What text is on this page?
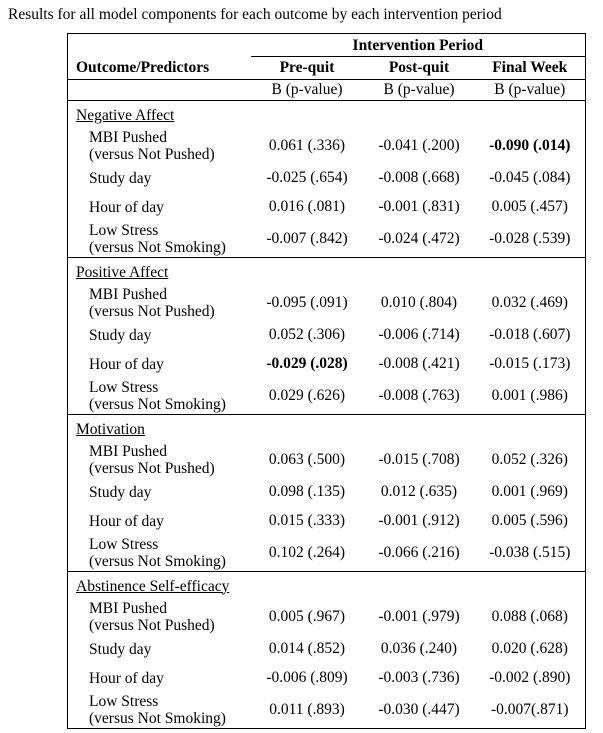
Results for all model components for each outcome by each intervention period
	Intervention Period		
Outcome/Predictors	Pre-quit	Post-quit	Final Week
	B (p-value)	B (p-value)	B (p-value)
Negative Affect			

MBI Pushed
(versus Not Pushed)	0.061 (.336)	-0.041 (.200)	-0.090 (.014)
Study day	-0.025 (.654)	-0.008 (.668)	-0.045 (.084)
Hour of day	0.016 (.081)	-0.001 (.831)	0.005 (.457)

Low Stress
(versus Not Smoking)	-0.007 (.842)	-0.024 (.472)	-0.028 (.539)
Positive Affect			

MBI Pushed
(versus Not Pushed)	-0.095 (.091)	0.010 (.804)	0.032 (.469)
Study day	0.052 (.306)	-0.006 (.714)	-0.018 (.607)
Hour of day	-0.029 (.028)	-0.008 (.421)	-0.015 (.173)

Low Stress
(versus Not Smoking)	0.029 (.626)	-0.008 (.763)	0.001 (.986)
Motivation			

MBI Pushed
(versus Not Pushed)	0.063 (.500)	-0.015 (.708)	0.052 (.326)
Study day	0.098 (.135)	0.012 (.635)	0.001 (.969)
Hour of day	0.015 (.333)	-0.001 (.912)	0.005 (.596)

Low Stress
(versus Not Smoking)	0.102 (.264)	-0.066 (.216)	-0.038 (.515)
Abstinence Self-efficacy			

MBI Pushed
(versus Not Pushed)	0.005 (.967)	-0.001 (.979)	0.088 (.068)
Study day	0.014 (.852)	0.036 (.240)	0.020 (.628)
Hour of day	-0.006 (.809)	-0.003 (.736)	-0.002 (.890)

Low Stress
(versus Not Smoking)	0.011 (.893)	-0.030 (.447)	-0.007(.871)
